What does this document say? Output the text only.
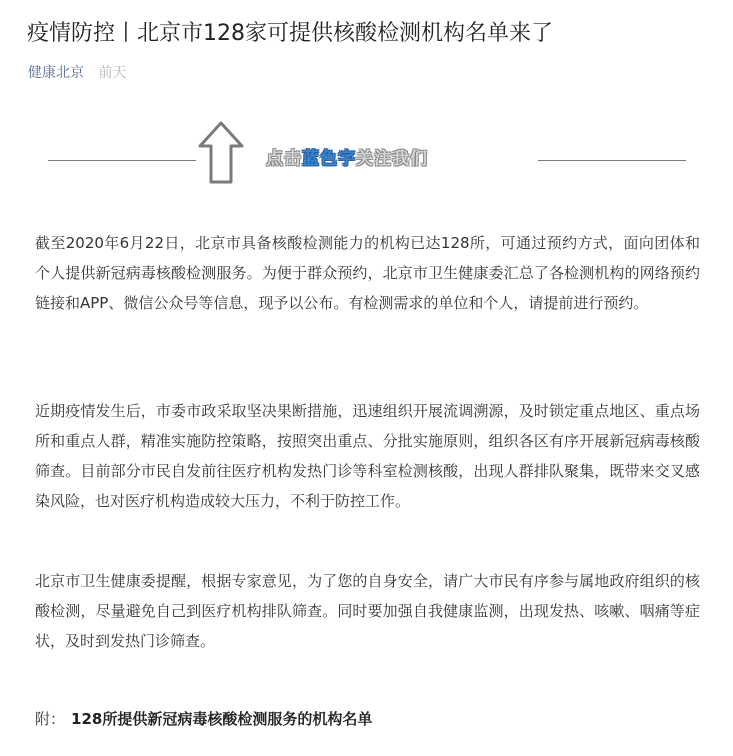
疫情防控丨北京市128家可提供核酸检测机构名单来了
健康北京 前天
点击蓝色字关注我们

截至2020年6月22日，北京市具备核酸检测能力的机构已达128所，可通过预约方式，面向团体和个人提供新冠病毒核酸检测服务。为便于群众预约，北京市卫生健康委汇总了各检测机构的网络预约链接和APP、微信公众号等信息，现予以公布。有检测需求的单位和个人，请提前进行预约。

近期疫情发生后，市委市政采取坚决果断措施，迅速组织开展流调溯源，及时锁定重点地区、重点场所和重点人群，精准实施防控策略，按照突出重点、分批实施原则，组织各区有序开展新冠病毒核酸筛查。目前部分市民自发前往医疗机构发热门诊等科室检测核酸，出现人群排队聚集，既带来交叉感染风险，也对医疗机构造成较大压力，不利于防控工作。

北京市卫生健康委提醒，根据专家意见，为了您的自身安全，请广大市民有序参与属地政府组织的核酸检测，尽量避免自己到医疗机构排队筛查。同时要加强自我健康监测，出现发热、咳嗽、咽痛等症状，及时到发热门诊筛查。

附： 128所提供新冠病毒核酸检测服务的机构名单
